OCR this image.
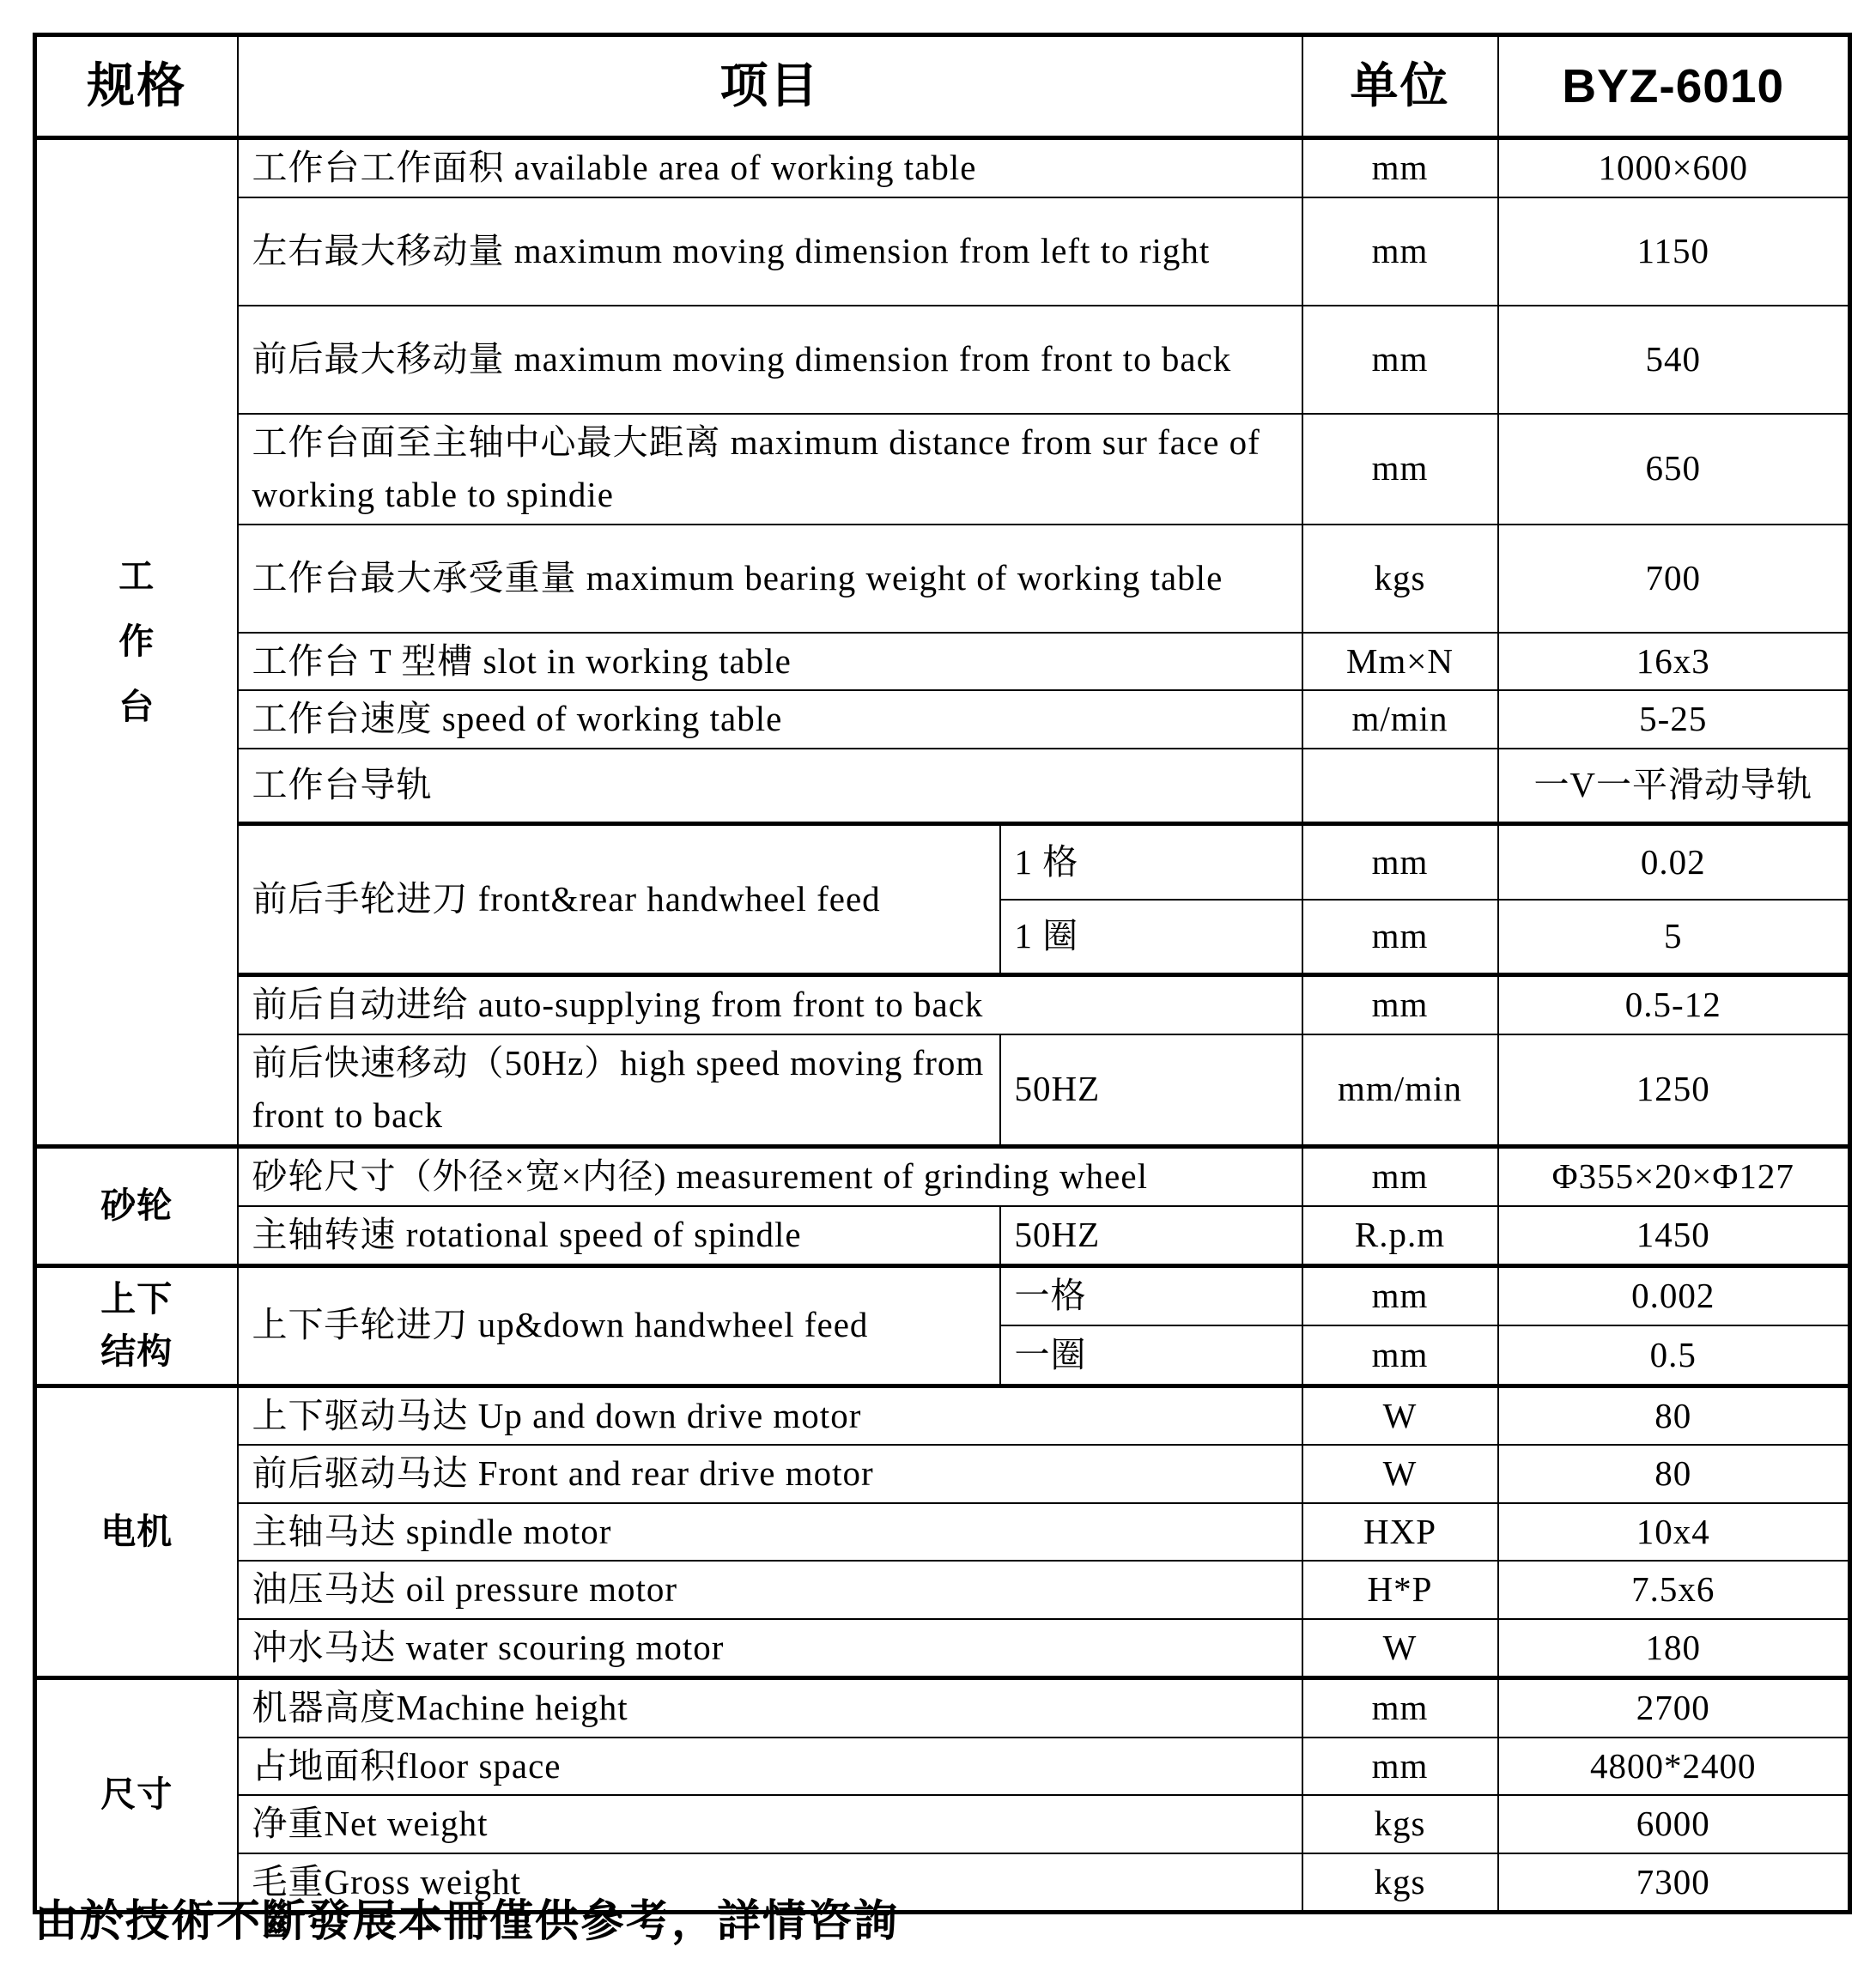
规格	项目		单位	BYZ-6010
工作台	工作台工作面积 available area of working table		mm	1000×600
	左右最大移动量 maximum moving dimension from left to right		mm	1150
	前后最大移动量 maximum moving dimension from front to back		mm	540
	工作台面至主轴中心最大距离 maximum distance from sur face of working table to spindie		mm	650
	工作台最大承受重量 maximum bearing weight of working table		kgs	700
	工作台 T 型槽 slot in working table		Mm×N	16x3
	工作台速度 speed of working table		m/min	5-25
	工作台导轨			一V一平滑动导轨
	前后手轮进刀 front&rear handwheel feed	1 格	mm	0.02
		1 圈	mm	5
	前后自动进给 auto-supplying from front to back		mm	0.5-12
	前后快速移动（50Hz）high speed moving from front to back	50HZ	mm/min	1250
砂轮	砂轮尺寸（外径×宽×内径) measurement of grinding wheel		mm	Φ355×20×Φ127
	主轴转速 rotational speed of spindle	50HZ	R.p.m	1450
上下结构	上下手轮进刀 up&down handwheel feed	一格	mm	0.002
		一圈	mm	0.5
电机	上下驱动马达 Up and down drive motor		W	80
	前后驱动马达 Front and rear drive motor		W	80
	主轴马达 spindle motor		HXP	10x4
	油压马达 oil pressure motor		H*P	7.5x6
	冲水马达 water scouring motor		W	180
尺寸	机器高度Machine height		mm	2700
	占地面积floor space		mm	4800*2400
	净重Net weight		kgs	6000
	毛重Gross weight		kgs	7300
由於技術不斷發展本冊僅供參考，詳情咨詢
